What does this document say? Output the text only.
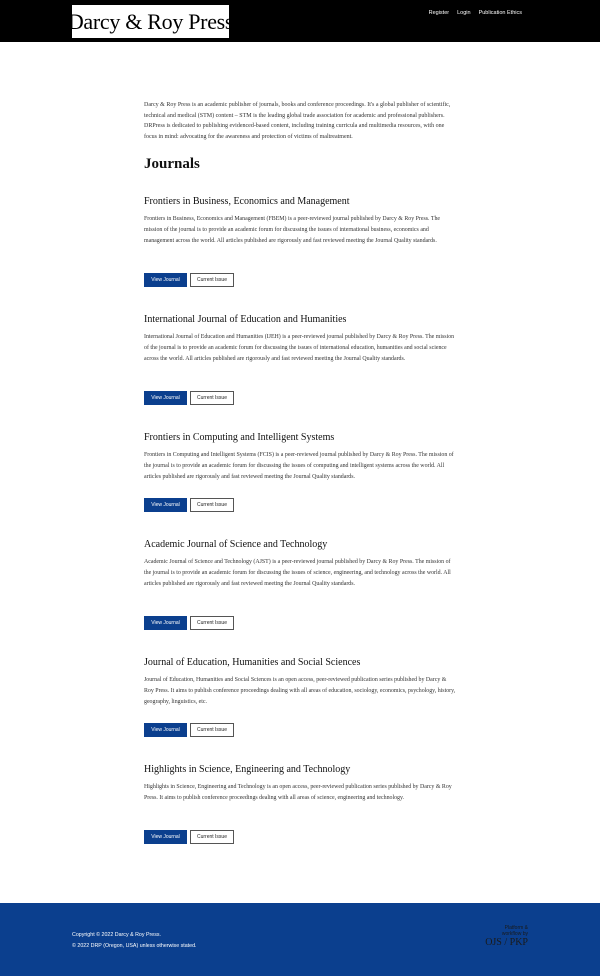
Darcy & Roy Press	Register Login Publication Ethics

Darcy & Roy Press is an academic publisher of journals, books and conference proceedings. It's a global publisher of scientific, technical and medical (STM) content – STM is the leading global trade association for academic and professional publishers. DRPress is dedicated to publishing evidenced-based content, including training curricula and multimedia resources, with one focus in mind: advocating for the awareness and protection of victims of maltreatment.

Journals
Frontiers in Business, Economics and Management

Frontiers in Business, Economics and Management (FBEM) is a peer-reviewed journal published by Darcy & Roy Press. The mission of the journal is to provide an academic forum for discussing the issues of international business, economics and management across the world. All articles published are rigorously and fast reviewed meeting the Journal Quality standards.

View Journal	Current Issue
International Journal of Education and Humanities

International Journal of Education and Humanities (IJEH) is a peer-reviewed journal published by Darcy & Roy Press. The mission of the journal is to provide an academic forum for discussing the issues of international education, humanities and social science across the world. All articles published are rigorously and fast reviewed meeting the Journal Quality standards.

View Journal	Current Issue
Frontiers in Computing and Intelligent Systems

Frontiers in Computing and Intelligent Systems (FCIS) is a peer-reviewed journal published by Darcy & Roy Press. The mission of the journal is to provide an academic forum for discussing the issues of computing and intelligent systems across the world. All articles published are rigorously and fast reviewed meeting the Journal Quality standards.

View Journal	Current Issue
Academic Journal of Science and Technology

Academic Journal of Science and Technology (AJST) is a peer-reviewed journal published by Darcy & Roy Press. The mission of the journal is to provide an academic forum for discussing the issues of science, engineering, and technology across the world. All articles published are rigorously and fast reviewed meeting the Journal Quality standards.

View Journal	Current Issue
Journal of Education, Humanities and Social Sciences

Journal of Education, Humanities and Social Sciences is an open access, peer-reviewed publication series published by Darcy & Roy Press. It aims to publish conference proceedings dealing with all areas of education, sociology, economics, psychology, history, geography, linguistics, etc.

View Journal	Current Issue
Highlights in Science, Engineering and Technology

Highlights in Science, Engineering and Technology is an open access, peer-reviewed publication series published by Darcy & Roy Press. It aims to publish conference proceedings dealing with all areas of science, engineering and technology.

View Journal	Current Issue
Copyright © 2022 Darcy & Roy Press.
© 2022 DRP (Oregon, USA) unless otherwise stated.
Platform &
workflow by
OJS / PKP
